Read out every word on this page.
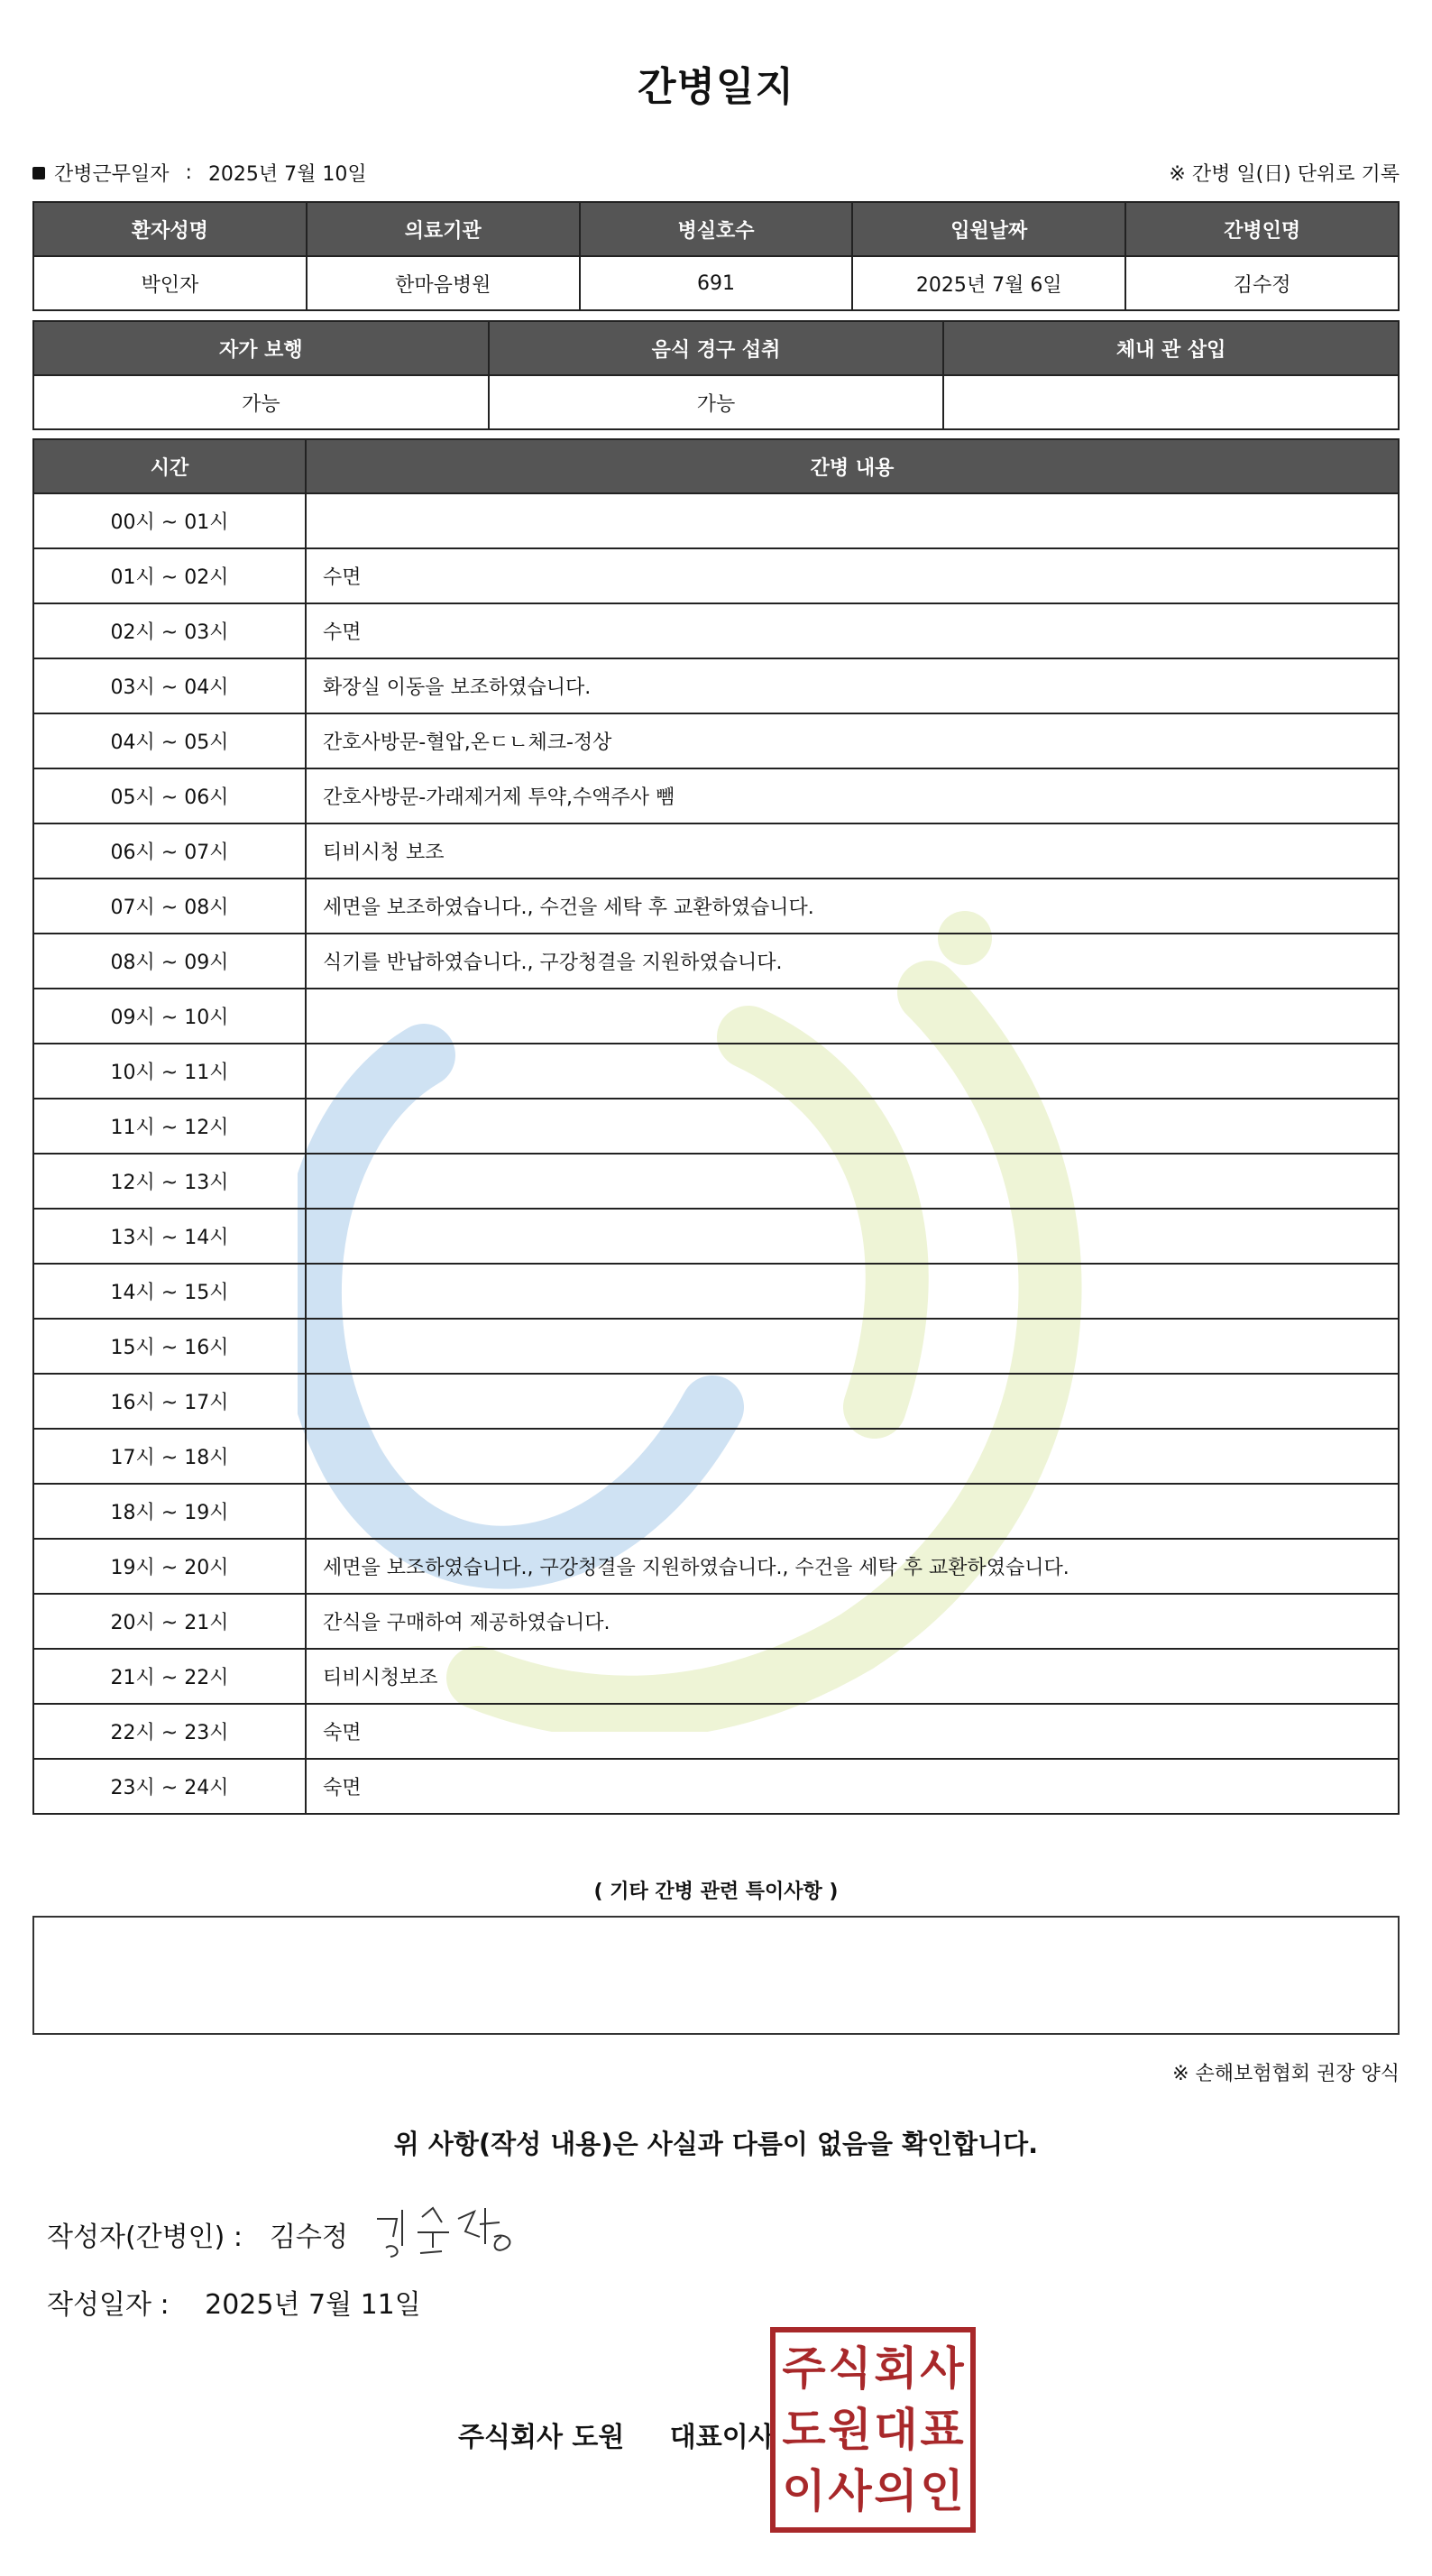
간병일지
간병근무일자 : 2025년 7월 10일	※ 간병 일(日) 단위로 기록
환자성명	의료기관	병실호수	입원날짜	간병인명
박인자	한마음병원	691	2025년 7월 6일	김수정
자가 보행	음식 경구 섭취	체내 관 삽입
가능	가능	
시간	간병 내용
00시 ~ 01시	
01시 ~ 02시	수면
02시 ~ 03시	수면
03시 ~ 04시	화장실 이동을 보조하였습니다.
04시 ~ 05시	간호사방문-혈압,온ㄷㄴ체크-정상
05시 ~ 06시	간호사방문-가래제거제 투약,수액주사 뺌
06시 ~ 07시	티비시청 보조
07시 ~ 08시	세면을 보조하였습니다., 수건을 세탁 후 교환하였습니다.
08시 ~ 09시	식기를 반납하였습니다., 구강청결을 지원하였습니다.
09시 ~ 10시	
10시 ~ 11시	
11시 ~ 12시	
12시 ~ 13시	
13시 ~ 14시	
14시 ~ 15시	
15시 ~ 16시	
16시 ~ 17시	
17시 ~ 18시	
18시 ~ 19시	
19시 ~ 20시	세면을 보조하였습니다., 구강청결을 지원하였습니다., 수건을 세탁 후 교환하였습니다.
20시 ~ 21시	간식을 구매하여 제공하였습니다.
21시 ~ 22시	티비시청보조
22시 ~ 23시	숙면
23시 ~ 24시	숙면
( 기타 간병 관련 특이사항 )
※ 손해보험협회 권장 양식
위 사항(작성 내용)은 사실과 다름이 없음을 확인합니다.
작성자(간병인) : 김수정
작성일자 : 2025년 7월 11일
주식회사 도원 대표이사
주 식 회 사
도 원 대 표
이 사 의 인
